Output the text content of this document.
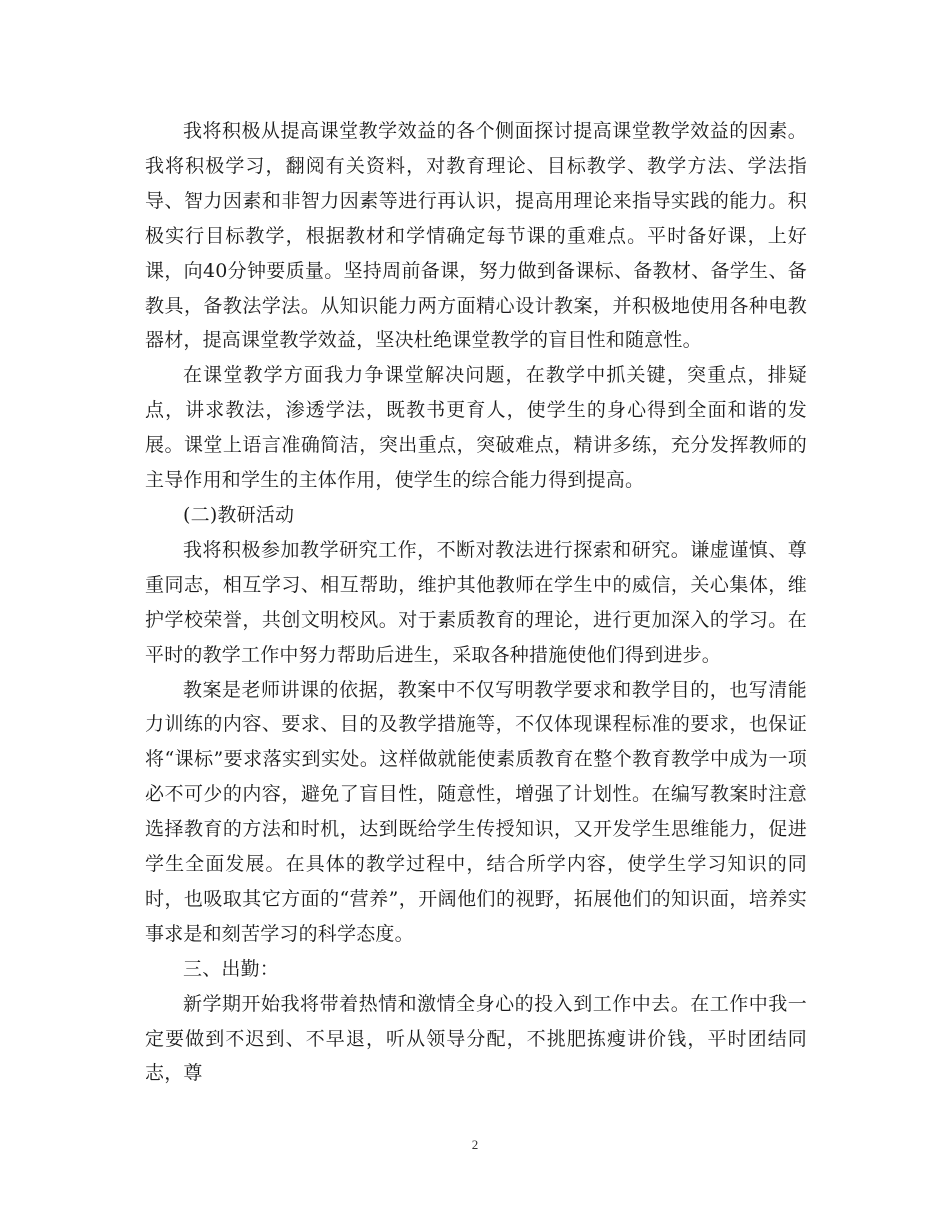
我将积极从提高课堂教学效益的各个侧面探讨提高课堂教学效益的因素。我将积极学习，翻阅有关资料，对教育理论、目标教学、教学方法、学法指导、智力因素和非智力因素等进行再认识，提高用理论来指导实践的能力。积极实行目标教学，根据教材和学情确定每节课的重难点。平时备好课，上好课，向40分钟要质量。坚持周前备课，努力做到备课标、备教材、备学生、备教具，备教法学法。从知识能力两方面精心设计教案，并积极地使用各种电教器材，提高课堂教学效益，坚决杜绝课堂教学的盲目性和随意性。

在课堂教学方面我力争课堂解决问题，在教学中抓关键，突重点，排疑点，讲求教法，渗透学法，既教书更育人，使学生的身心得到全面和谐的发展。课堂上语言准确简洁，突出重点，突破难点，精讲多练，充分发挥教师的主导作用和学生的主体作用，使学生的综合能力得到提高。

(二)教研活动

我将积极参加教学研究工作，不断对教法进行探索和研究。谦虚谨慎、尊重同志，相互学习、相互帮助，维护其他教师在学生中的威信，关心集体，维护学校荣誉，共创文明校风。对于素质教育的理论，进行更加深入的学习。在平时的教学工作中努力帮助后进生，采取各种措施使他们得到进步。

教案是老师讲课的依据，教案中不仅写明教学要求和教学目的，也写清能力训练的内容、要求、目的及教学措施等，不仅体现课程标准的要求，也保证将“课标”要求落实到实处。这样做就能使素质教育在整个教育教学中成为一项必不可少的内容，避免了盲目性，随意性，增强了计划性。在编写教案时注意选择教育的方法和时机，达到既给学生传授知识，又开发学生思维能力，促进学生全面发展。在具体的教学过程中，结合所学内容，使学生学习知识的同时，也吸取其它方面的“营养”，开阔他们的视野，拓展他们的知识面，培养实事求是和刻苦学习的科学态度。

三、出勤：

新学期开始我将带着热情和激情全身心的投入到工作中去。在工作中我一定要做到不迟到、不早退，听从领导分配，不挑肥拣瘦讲价钱，平时团结同志，尊

2
